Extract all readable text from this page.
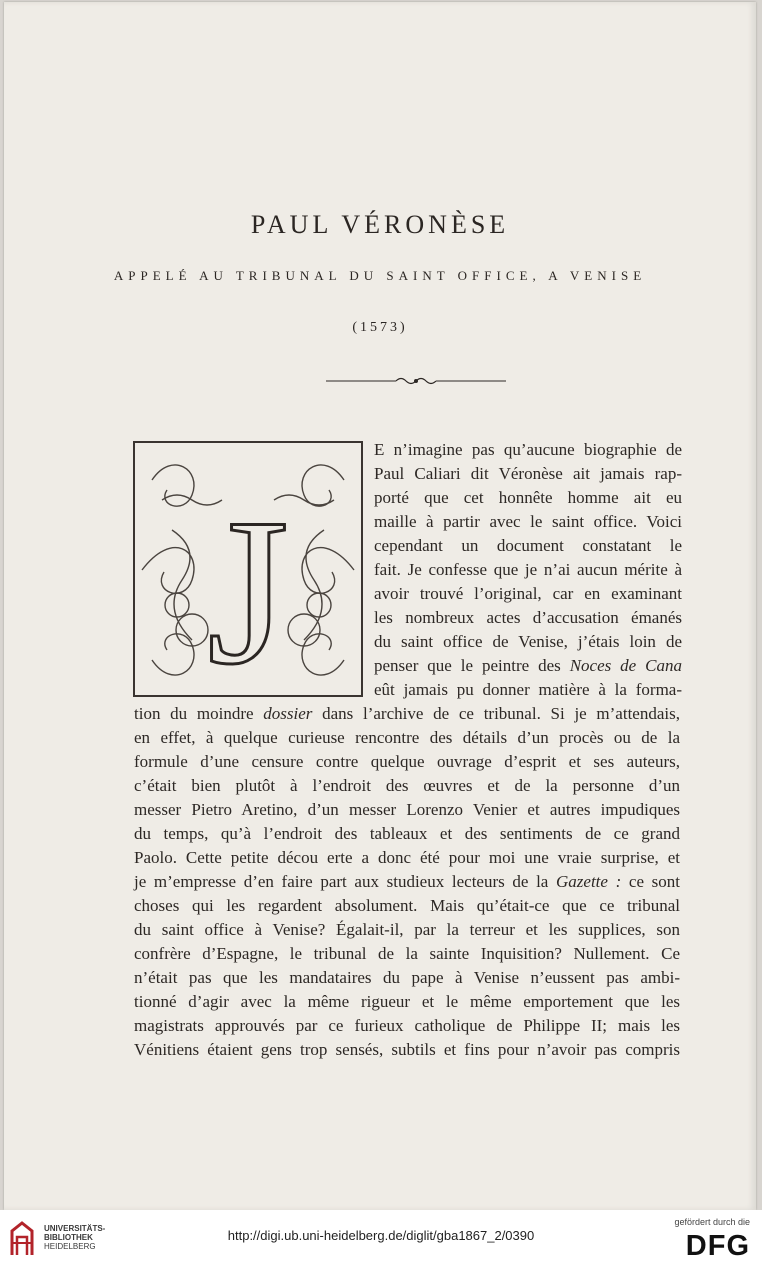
PAUL VÉRONÈSE
APPELÉ AU TRIBUNAL DU SAINT OFFICE, A VENISE
(1573)
J
E n’imagine pas qu’aucune biographie de
Paul Caliari dit Véronèse ait jamais rap-
porté que cet honnête homme ait eu
maille à partir avec le saint office. Voici
cependant un document constatant le
fait. Je confesse que je n’ai aucun mérite à
avoir trouvé l’original, car en examinant
les nombreux actes d’accusation émanés
du saint office de Venise, j’étais loin de
penser que le peintre des Noces de Cana
eût jamais pu donner matière à la forma-
tion du moindre dossier dans l’archive de ce tribunal. Si je m’attendais,
en effet, à quelque curieuse rencontre des détails d’un procès ou de la
formule d’une censure contre quelque ouvrage d’esprit et ses auteurs,
c’était bien plutôt à l’endroit des œuvres et de la personne d’un
messer Pietro Aretino, d’un messer Lorenzo Venier et autres impudiques
du temps, qu’à l’endroit des tableaux et des sentiments de ce grand
Paolo. Cette petite décou erte a donc été pour moi une vraie surprise, et
je m’empresse d’en faire part aux studieux lecteurs de la Gazette : ce sont
choses qui les regardent absolument. Mais qu’était-ce que ce tribunal
du saint office à Venise? Égalait-il, par la terreur et les supplices, son
confrère d’Espagne, le tribunal de la sainte Inquisition? Nullement. Ce
n’était pas que les mandataires du pape à Venise n’eussent pas ambi-
tionné d’agir avec la même rigueur et le même emportement que les
magistrats approuvés par ce furieux catholique de Philippe II; mais les
Vénitiens étaient gens trop sensés, subtils et fins pour n’avoir pas compris
UNIVERSITÄTS-
BIBLIOTHEK
HEIDELBERG
http://digi.ub.uni-heidelberg.de/diglit/gba1867_2/0390
gefördert durch die
DFG
